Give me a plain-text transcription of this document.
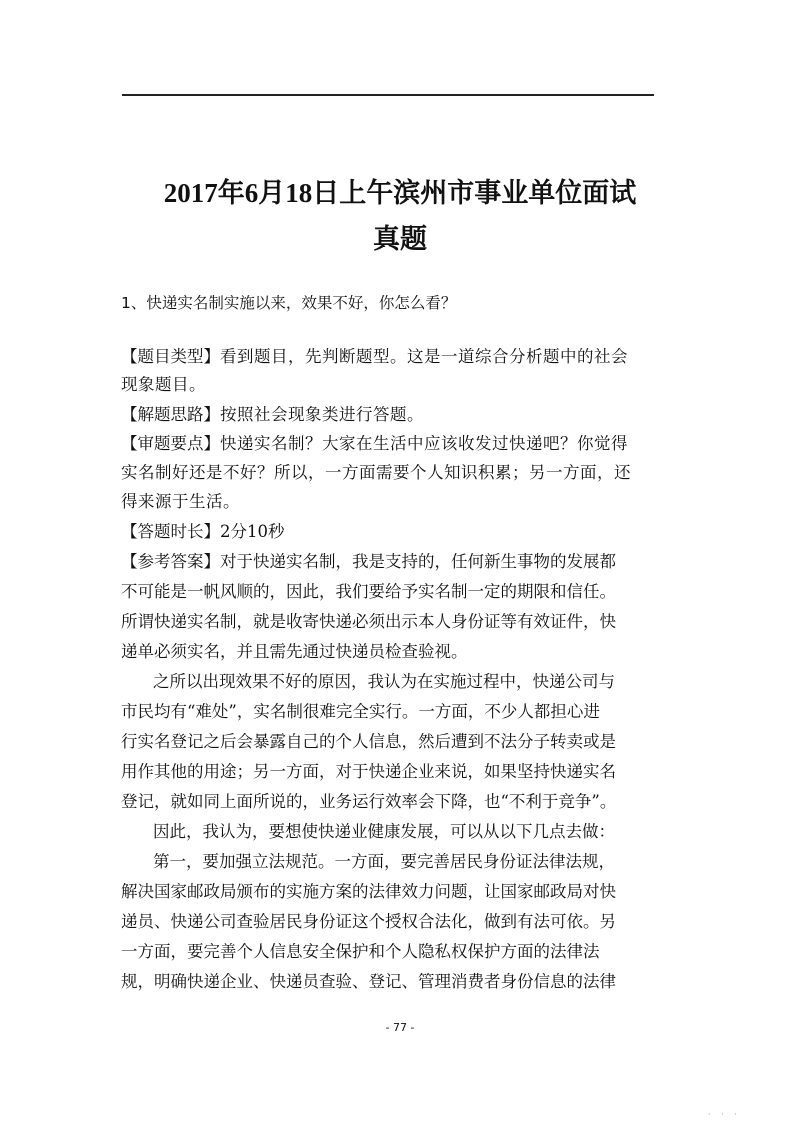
2017年6月18日上午滨州市事业单位面试
真题
1、快递实名制实施以来，效果不好，你怎么看？
【题目类型】看到题目，先判断题型。这是一道综合分析题中的社会
现象题目。
【解题思路】按照社会现象类进行答题。
【审题要点】快递实名制？大家在生活中应该收发过快递吧？你觉得
实名制好还是不好？所以，一方面需要个人知识积累；另一方面，还
得来源于生活。
【答题时长】2分10秒
【参考答案】对于快递实名制，我是支持的，任何新生事物的发展都
不可能是一帆风顺的，因此，我们要给予实名制一定的期限和信任。
所谓快递实名制，就是收寄快递必须出示本人身份证等有效证件，快
递单必须实名，并且需先通过快递员检查验视。
之所以出现效果不好的原因，我认为在实施过程中，快递公司与
市民均有“难处”，实名制很难完全实行。一方面，不少人都担心进
行实名登记之后会暴露自己的个人信息，然后遭到不法分子转卖或是
用作其他的用途；另一方面，对于快递企业来说，如果坚持快递实名
登记，就如同上面所说的，业务运行效率会下降，也“不利于竞争”。
因此，我认为，要想使快递业健康发展，可以从以下几点去做：
第一，要加强立法规范。一方面，要完善居民身份证法律法规，
解决国家邮政局颁布的实施方案的法律效力问题，让国家邮政局对快
递员、快递公司查验居民身份证这个授权合法化，做到有法可依。另
一方面，要完善个人信息安全保护和个人隐私权保护方面的法律法
规，明确快递企业、快递员查验、登记、管理消费者身份信息的法律
- 77 -
· · ·
